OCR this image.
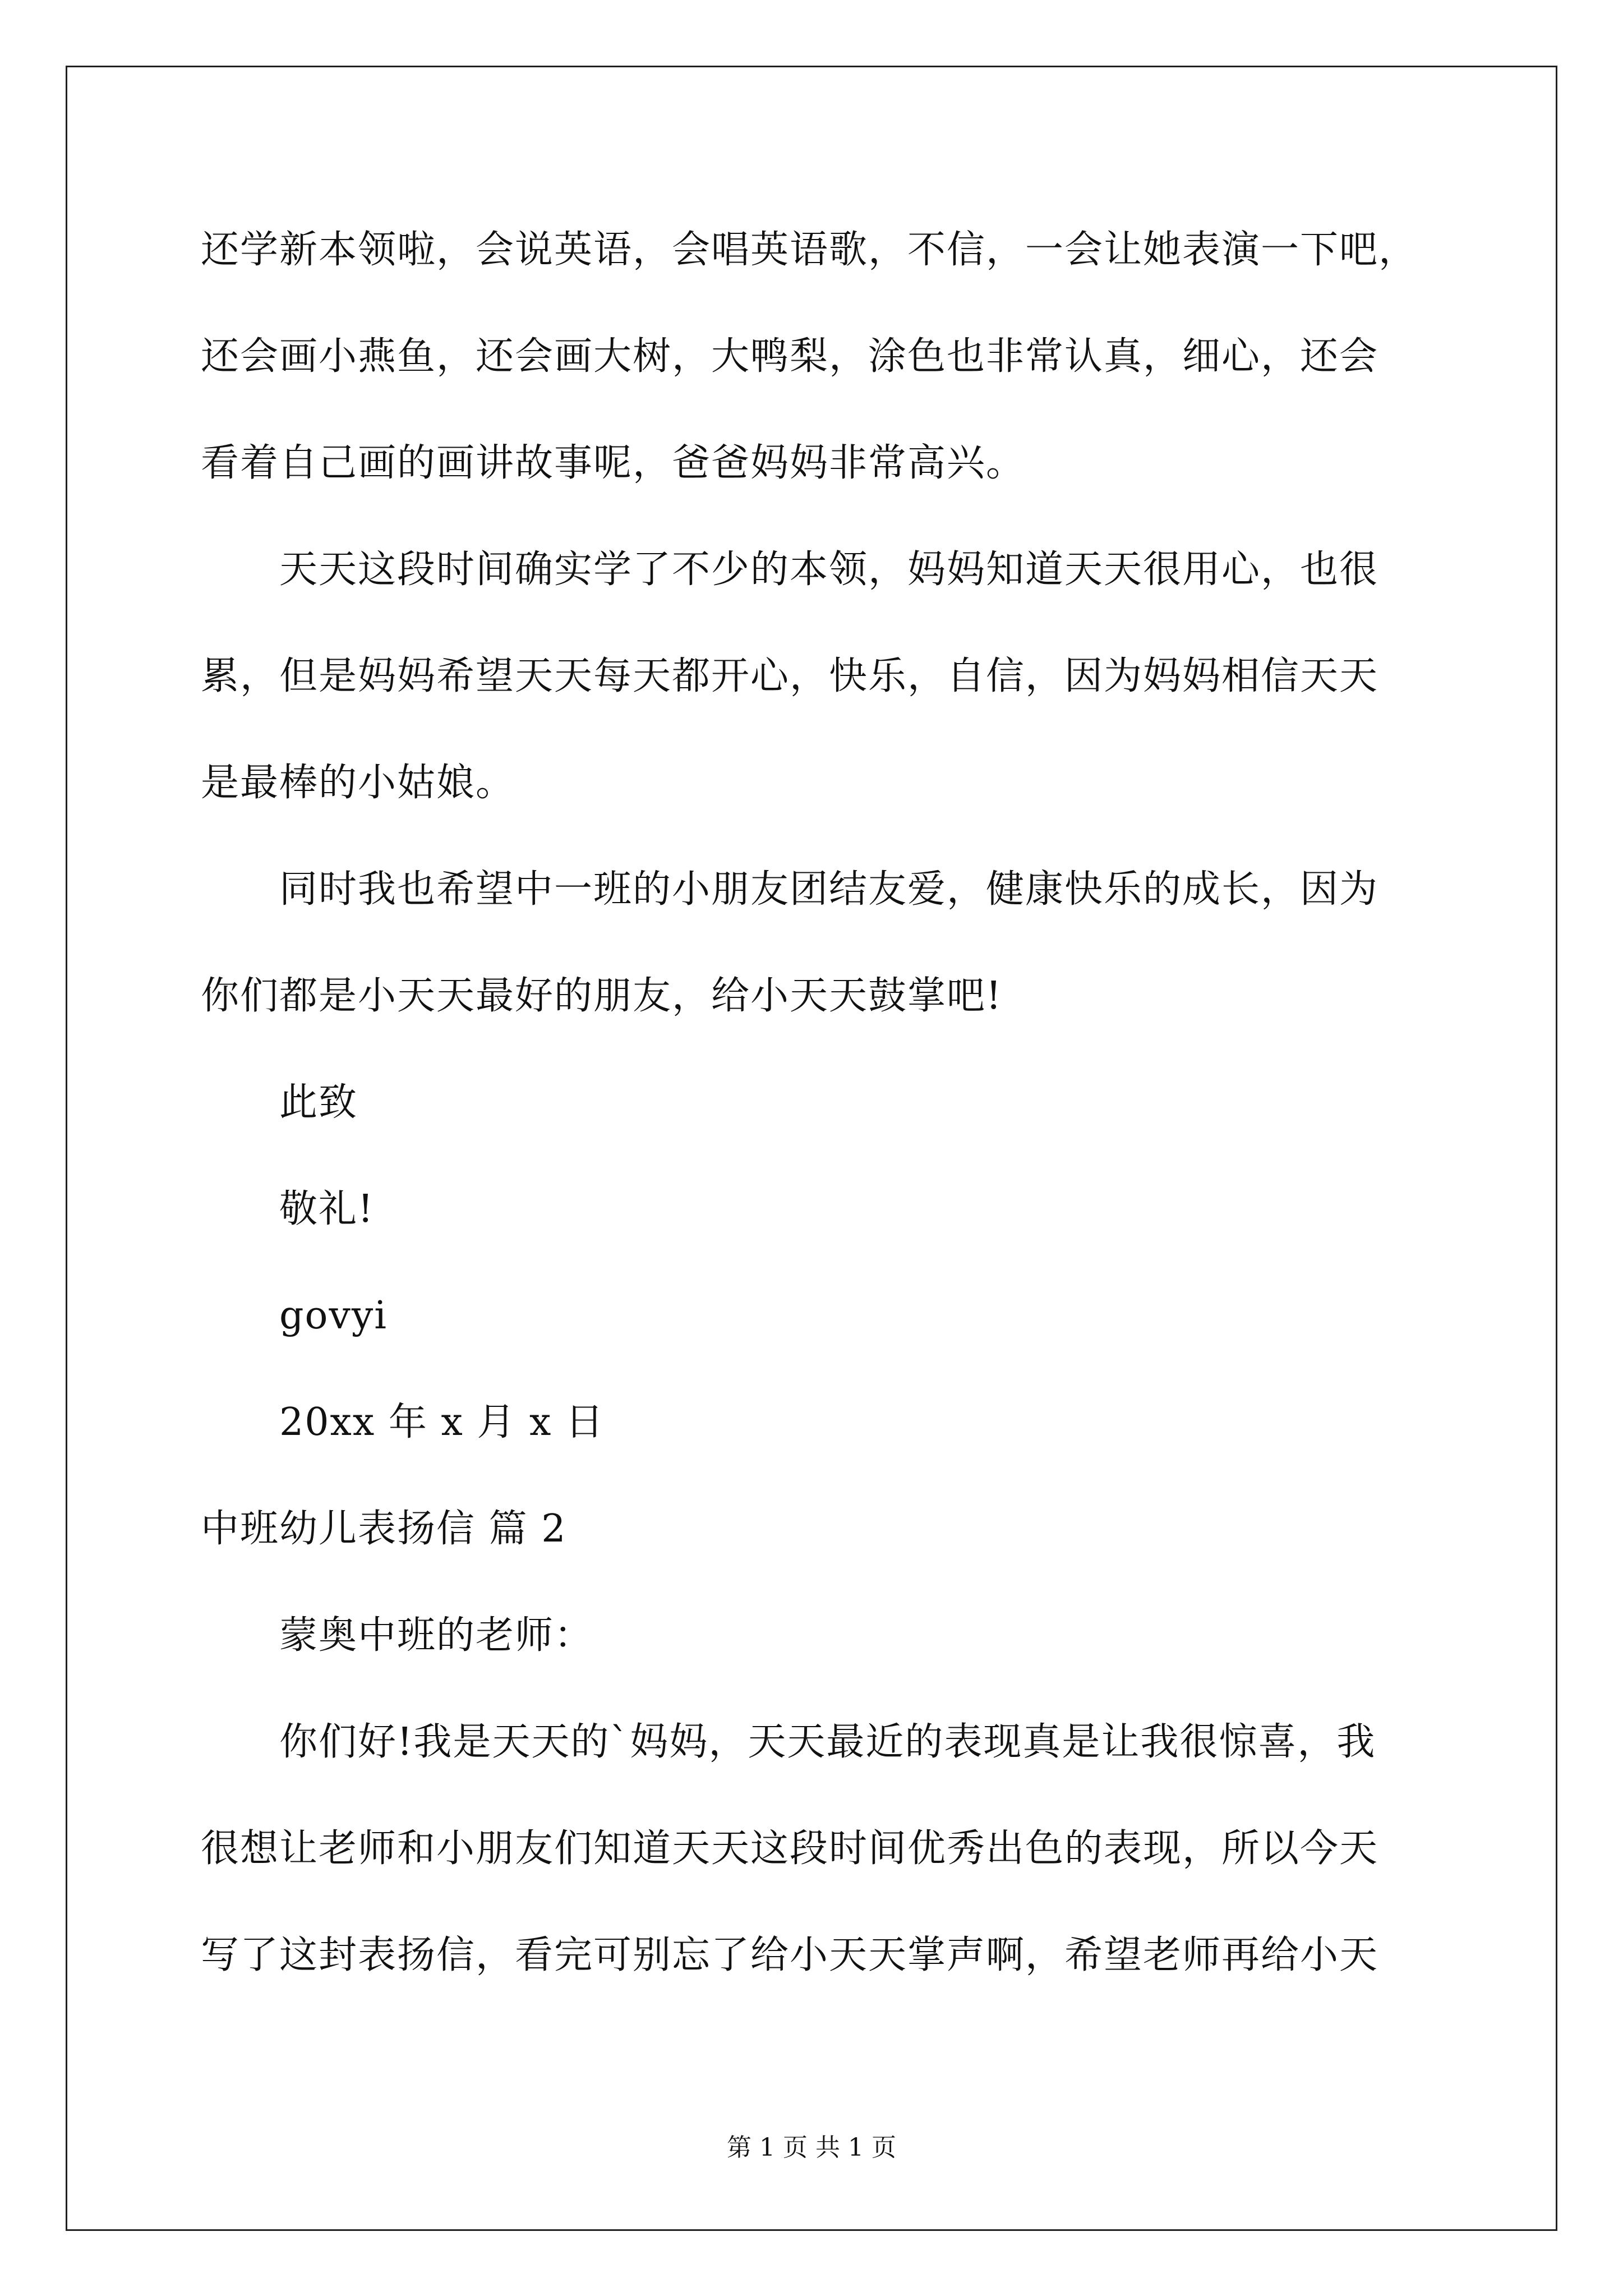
还学新本领啦，会说英语，会唱英语歌，不信，一会让她表演一下吧，
还会画小燕鱼，还会画大树，大鸭梨，涂色也非常认真，细心，还会
看着自己画的画讲故事呢，爸爸妈妈非常高兴。
天天这段时间确实学了不少的本领，妈妈知道天天很用心，也很
累，但是妈妈希望天天每天都开心，快乐，自信，因为妈妈相信天天
是最棒的小姑娘。
同时我也希望中一班的小朋友团结友爱，健康快乐的成长，因为
你们都是小天天最好的朋友，给小天天鼓掌吧!
此致
敬礼!
govyi
20xx 年 x 月 x 日
中班幼儿表扬信 篇 2
蒙奥中班的老师：
你们好!我是天天的`妈妈，天天最近的表现真是让我很惊喜，我
很想让老师和小朋友们知道天天这段时间优秀出色的表现，所以今天
写了这封表扬信，看完可别忘了给小天天掌声啊，希望老师再给小天
第 1 页 共 1 页
